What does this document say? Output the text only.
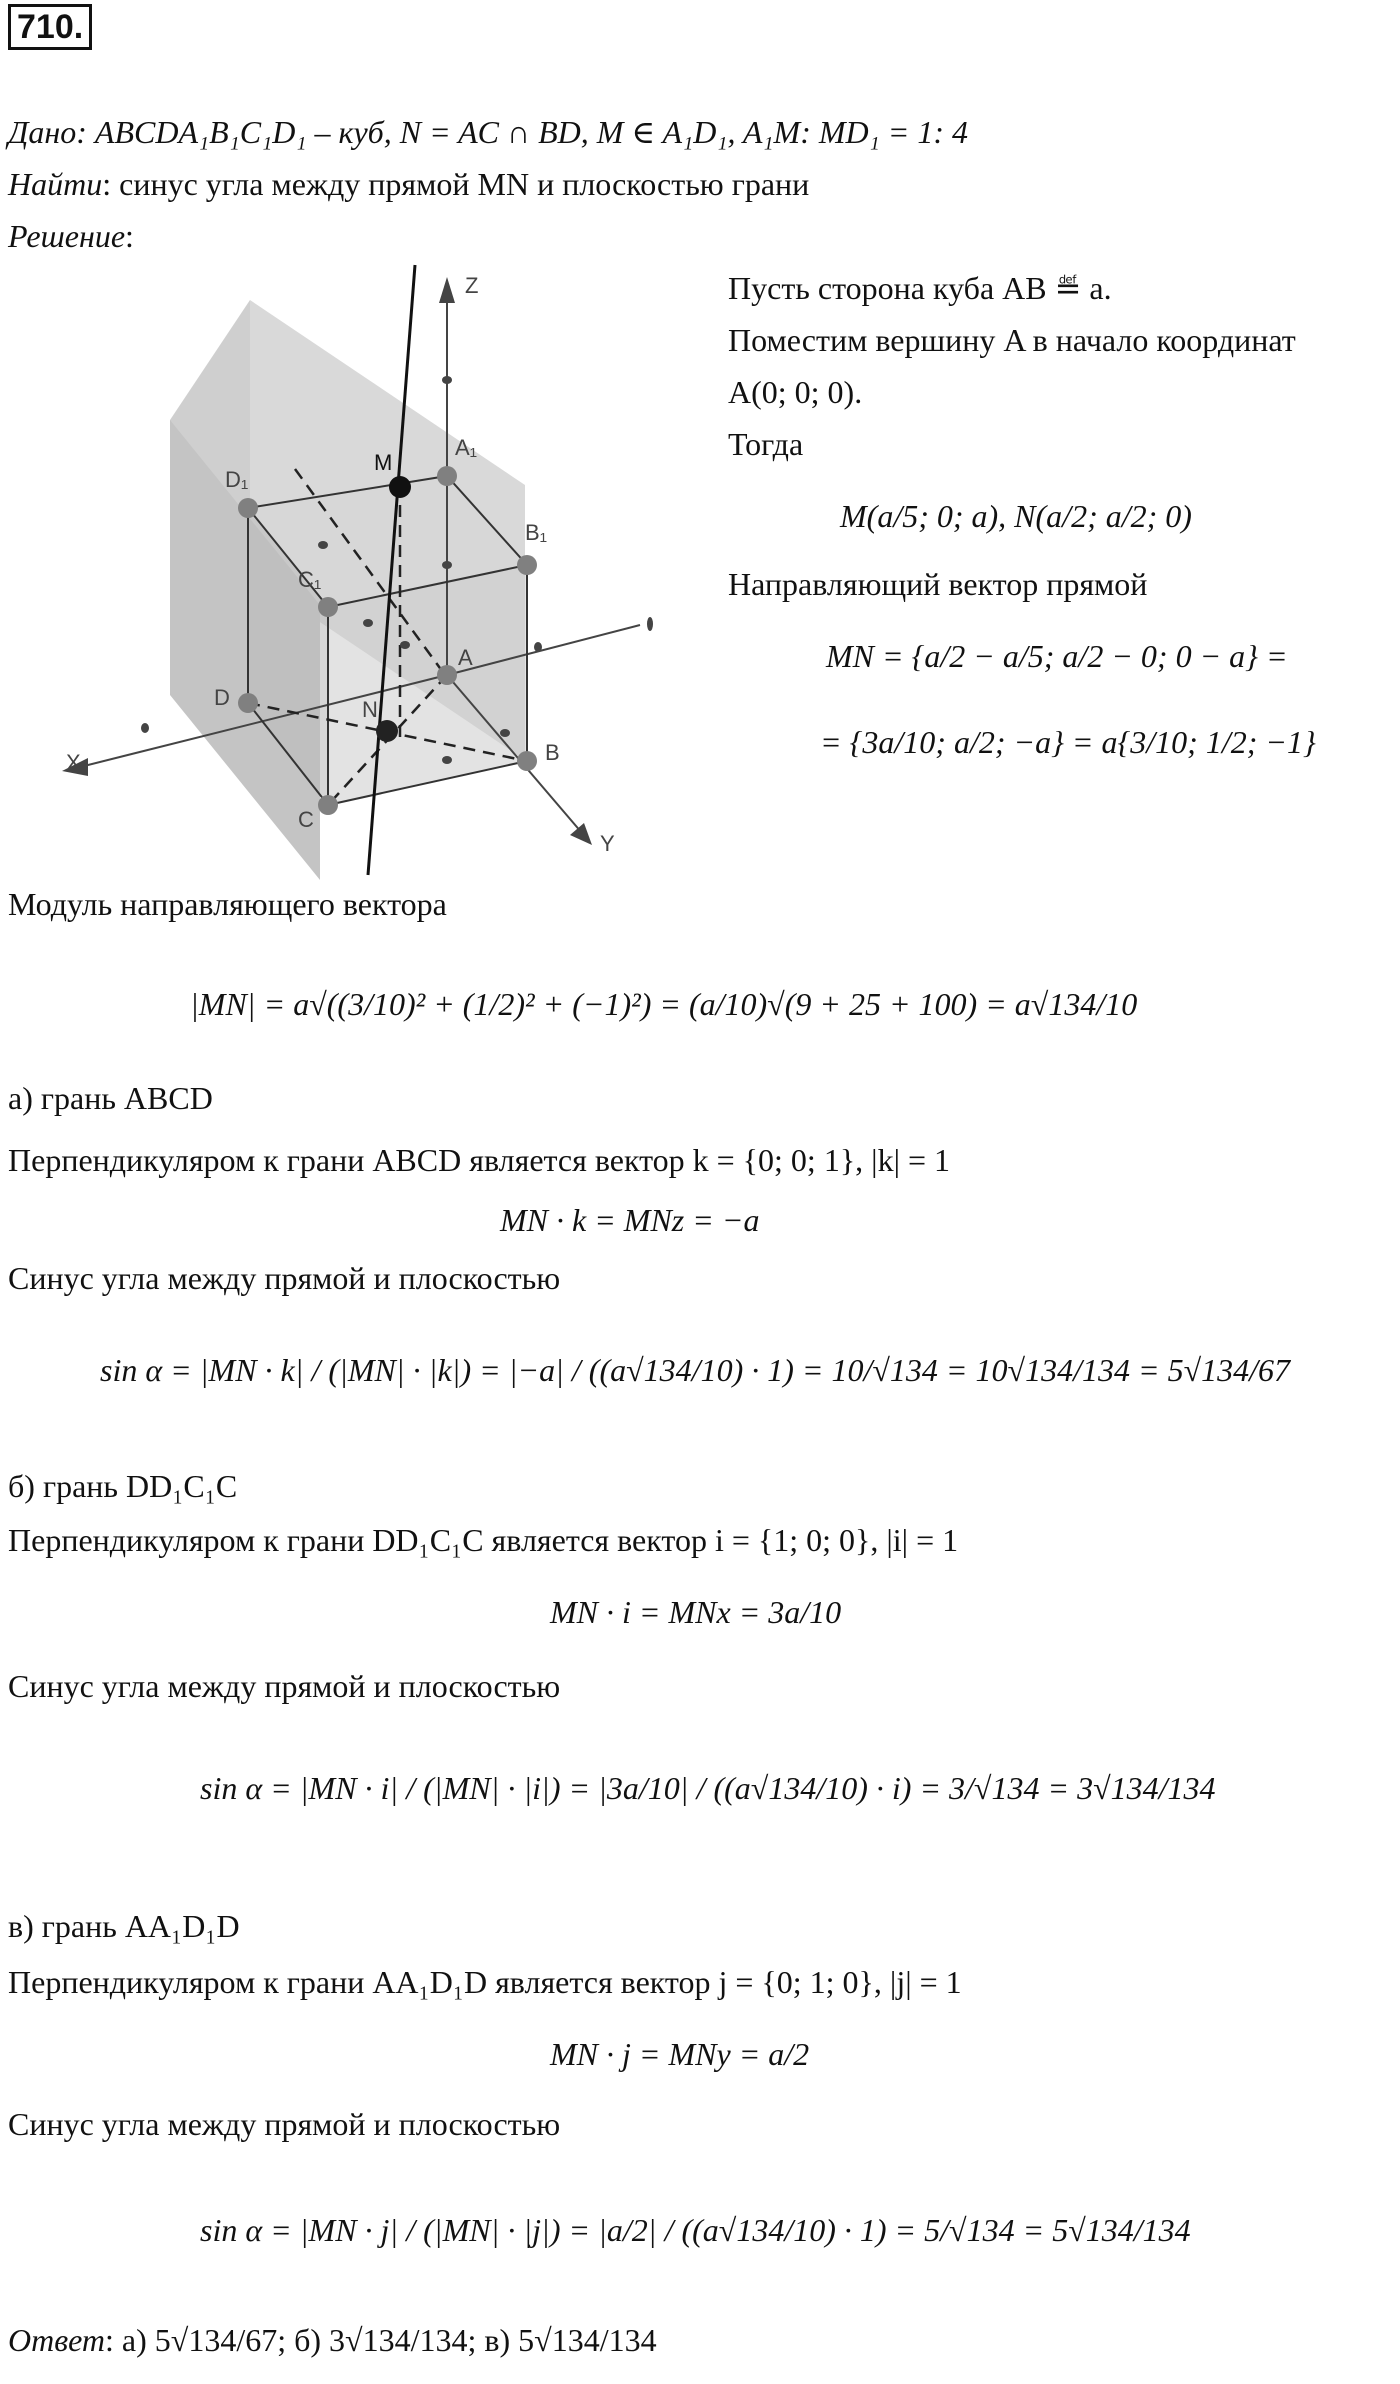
710.
Дано: ABCDA₁B₁C₁D₁ – куб, N = AC ∩ BD, M ∈ A₁D₁, A₁M: MD₁ = 1: 4
Найти: синус угла между прямой MN и плоскостью грани
Решение:
Z
X
Y
M
A₁
D₁
B₁
C₁
A
D	N
B
C
Пусть сторона куба AB ≝ a.
Поместим вершину A в начало координат
A(0; 0; 0).
Тогда
M(a/5; 0; a), N(a/2; a/2; 0)
Направляющий вектор прямой
MN = {a/2 − a/5; a/2 − 0; 0 − a} =
= {3a/10; a/2; −a} = a{3/10; 1/2; −1}
Модуль направляющего вектора
|MN| = a√((3/10)² + (1/2)² + (−1)²) = (a/10)√(9 + 25 + 100) = a√134/10
а) грань ABCD
Перпендикуляром к грани ABCD является вектор k = {0; 0; 1}, |k| = 1
MN · k = MNz = −a
Синус угла между прямой и плоскостью
sin α = |MN · k| / (|MN| · |k|) = |−a| / ((a√134/10) · 1) = 10/√134 = 10√134/134 = 5√134/67
б) грань DD₁C₁C
Перпендикуляром к грани DD₁C₁C является вектор i = {1; 0; 0}, |i| = 1
MN · i = MNx = 3a/10
Синус угла между прямой и плоскостью
sin α = |MN · i| / (|MN| · |i|) = |3a/10| / ((a√134/10) · i) = 3/√134 = 3√134/134
в) грань AA₁D₁D
Перпендикуляром к грани AA₁D₁D является вектор j = {0; 1; 0}, |j| = 1
MN · j = MNy = a/2
Синус угла между прямой и плоскостью
sin α = |MN · j| / (|MN| · |j|) = |a/2| / ((a√134/10) · 1) = 5/√134 = 5√134/134
Ответ: а) 5√134/67; б) 3√134/134; в) 5√134/134
